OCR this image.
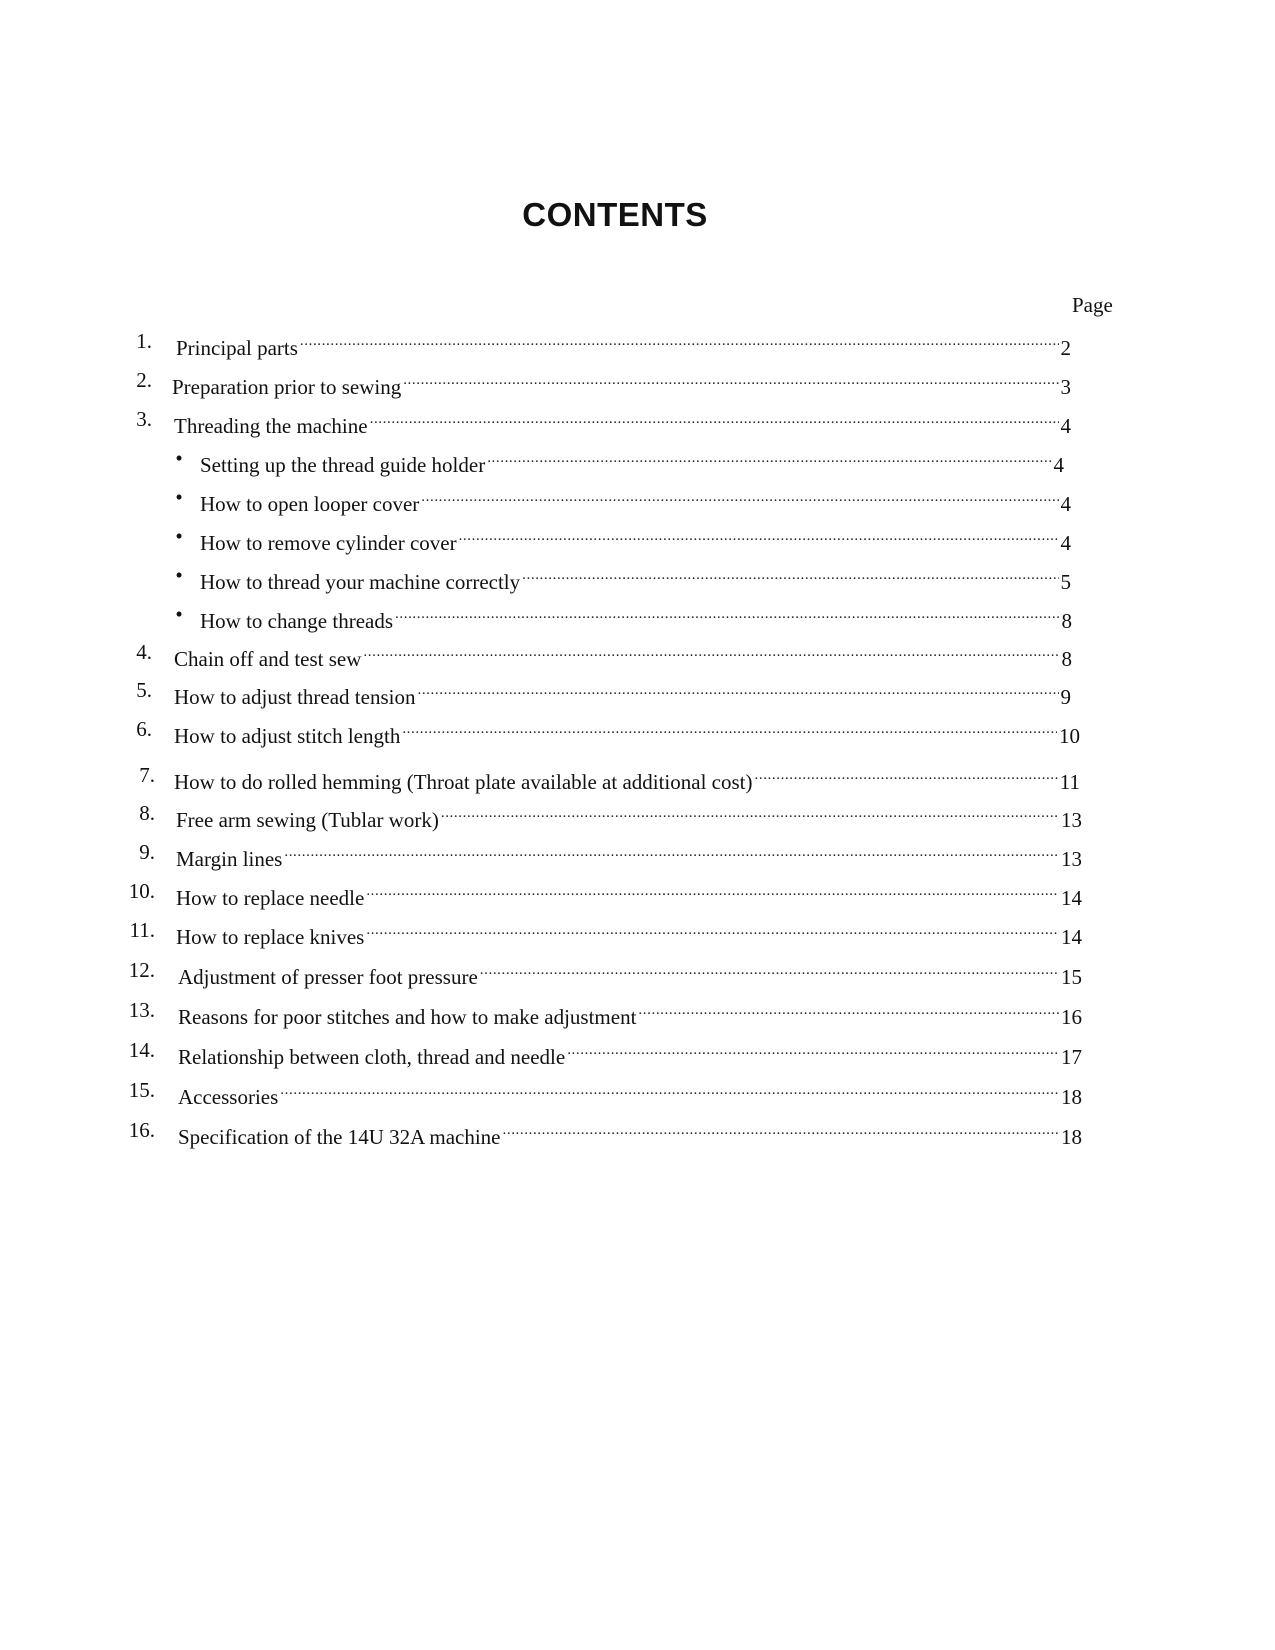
CONTENTS
Page
1. Principal parts .....	2
2. Preparation prior to sewing .....	3
3. Threading the machine .....	4
• Setting up the thread guide holder .....	4
• How to open looper cover .....	4
• How to remove cylinder cover .....	4
• How to thread your machine correctly .....	5
• How to change threads .....	8
4. Chain off and test sew .....	8
5. How to adjust thread tension .....	9
6. How to adjust stitch length .....	10
7. How to do rolled hemming (Throat plate available at additional cost) .....	11
8. Free arm sewing (Tublar work) .....	13
9. Margin lines .....	13
10. How to replace needle .....	14
11. How to replace knives .....	14
12. Adjustment of presser foot pressure .....	15
13. Reasons for poor stitches and how to make adjustment .....	16
14. Relationship between cloth, thread and needle .....	17
15. Accessories .....	18
16. Specification of the 14U 32A machine .....	18
